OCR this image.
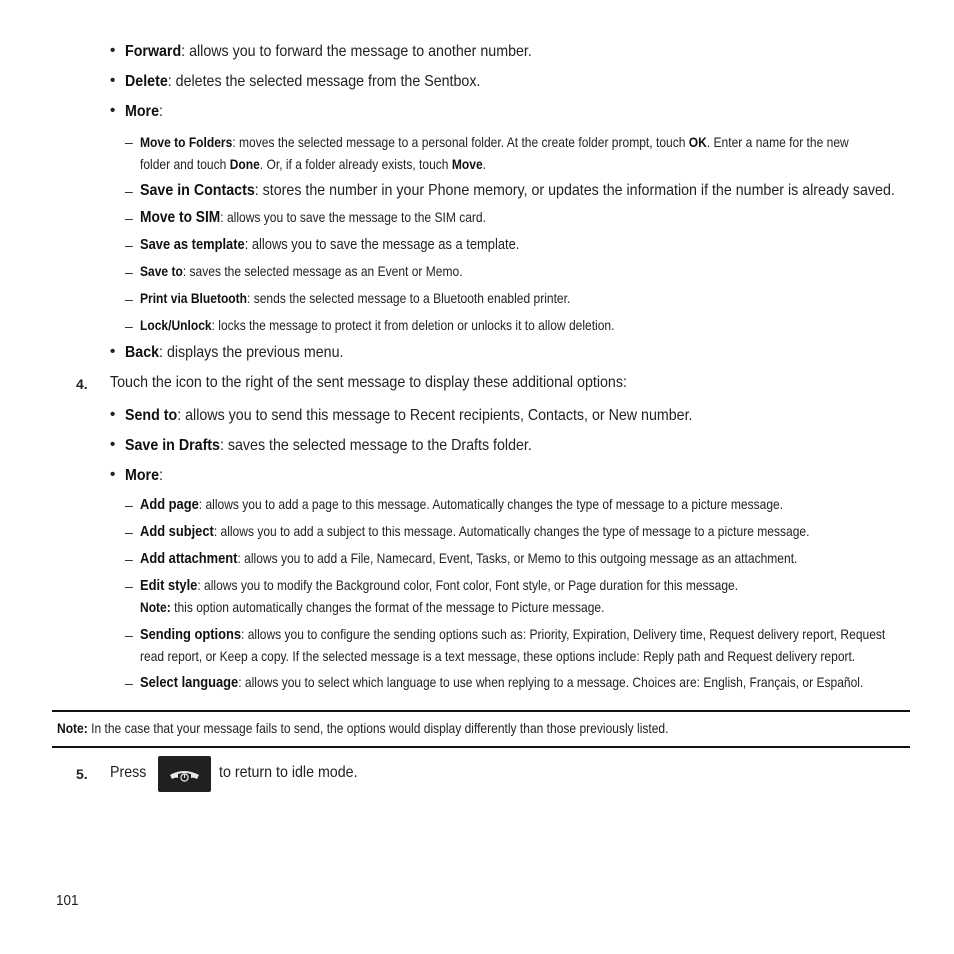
• Forward: allows you to forward the message to another number.
• Delete: deletes the selected message from the Sentbox.
• More:
– Move to Folders: moves the selected message to a personal folder. At the create folder prompt, touch OK. Enter a name for the new
folder and touch Done. Or, if a folder already exists, touch Move.
– Save in Contacts: stores the number in your Phone memory, or updates the information if the number is already saved.
– Move to SIM: allows you to save the message to the SIM card.
– Save as template: allows you to save the message as a template.
– Save to: saves the selected message as an Event or Memo.
– Print via Bluetooth: sends the selected message to a Bluetooth enabled printer.
– Lock/Unlock: locks the message to protect it from deletion or unlocks it to allow deletion.
• Back: displays the previous menu.
4. Touch the icon to the right of the sent message to display these additional options:
• Send to: allows you to send this message to Recent recipients, Contacts, or New number.
• Save in Drafts: saves the selected message to the Drafts folder.
• More:
– Add page: allows you to add a page to this message. Automatically changes the type of message to a picture message.
– Add subject: allows you to add a subject to this message. Automatically changes the type of message to a picture message.
– Add attachment: allows you to add a File, Namecard, Event, Tasks, or Memo to this outgoing message as an attachment.
– Edit style: allows you to modify the Background color, Font color, Font style, or Page duration for this message.
Note: this option automatically changes the format of the message to Picture message.
– Sending options: allows you to configure the sending options such as: Priority, Expiration, Delivery time, Request delivery report, Request
read report, or Keep a copy. If the selected message is a text message, these options include: Reply path and Request delivery report.
– Select language: allows you to select which language to use when replying to a message. Choices are: English, Français, or Español.
Note: In the case that your message fails to send, the options would display differently than those previously listed.
5. Press	to return to idle mode.
101
